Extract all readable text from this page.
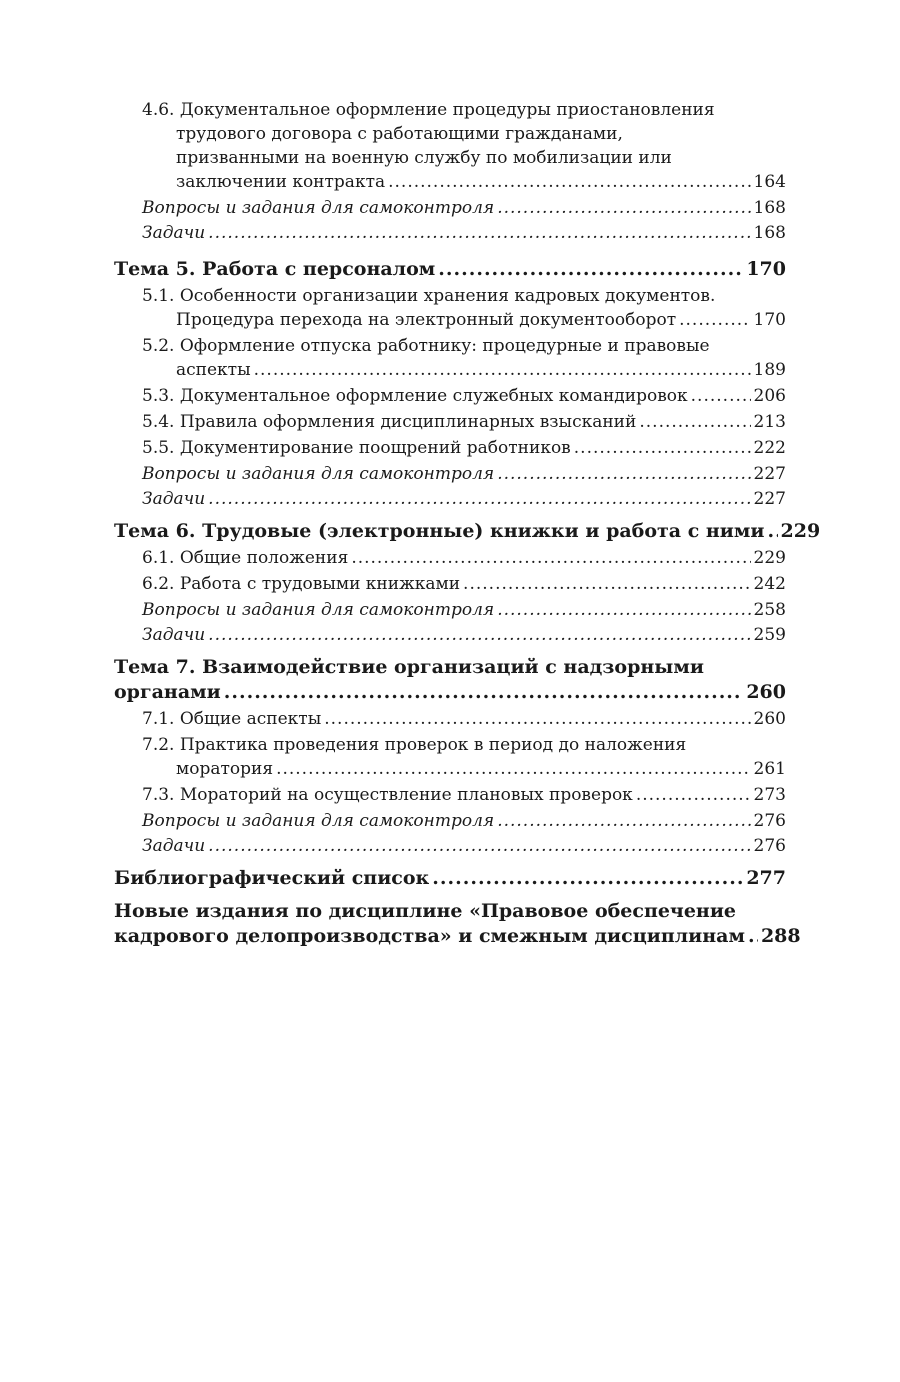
4.6. Документальное оформление процедуры приостановления
трудового договора с работающими гражданами,
призванными на военную службу по мобилизации или
заключении контракта .....	164
Вопросы и задания для самоконтроля .....	168
Задачи .....	168
Тема 5. Работа с персоналом .....	170
5.1. Особенности организации хранения кадровых документов.
Процедура перехода на электронный документооборот .....	170
5.2. Оформление отпуска работнику: процедурные и правовые
аспекты .....	189
5.3. Документальное оформление служебных командировок .....	206
5.4. Правила оформления дисциплинарных взысканий .....	213
5.5. Документирование поощрений работников .....	222
Вопросы и задания для самоконтроля .....	227
Задачи .....	227
Тема 6. Трудовые (электронные) книжки и работа с ними ..... 229
6.1. Общие положения .....	229
6.2. Работа с трудовыми книжками .....	242
Вопросы и задания для самоконтроля .....	258
Задачи .....	259
Тема 7. Взаимодействие организаций с надзорными
органами .....	260
7.1. Общие аспекты .....	260
7.2. Практика проведения проверок в период до наложения
моратория .....	261
7.3. Мораторий на осуществление плановых проверок .....	273
Вопросы и задания для самоконтроля .....	276
Задачи .....	276
Библиографический список .....	277
Новые издания по дисциплине «Правовое обеспечение
кадрового делопроизводства» и смежным дисциплинам ..... 288
